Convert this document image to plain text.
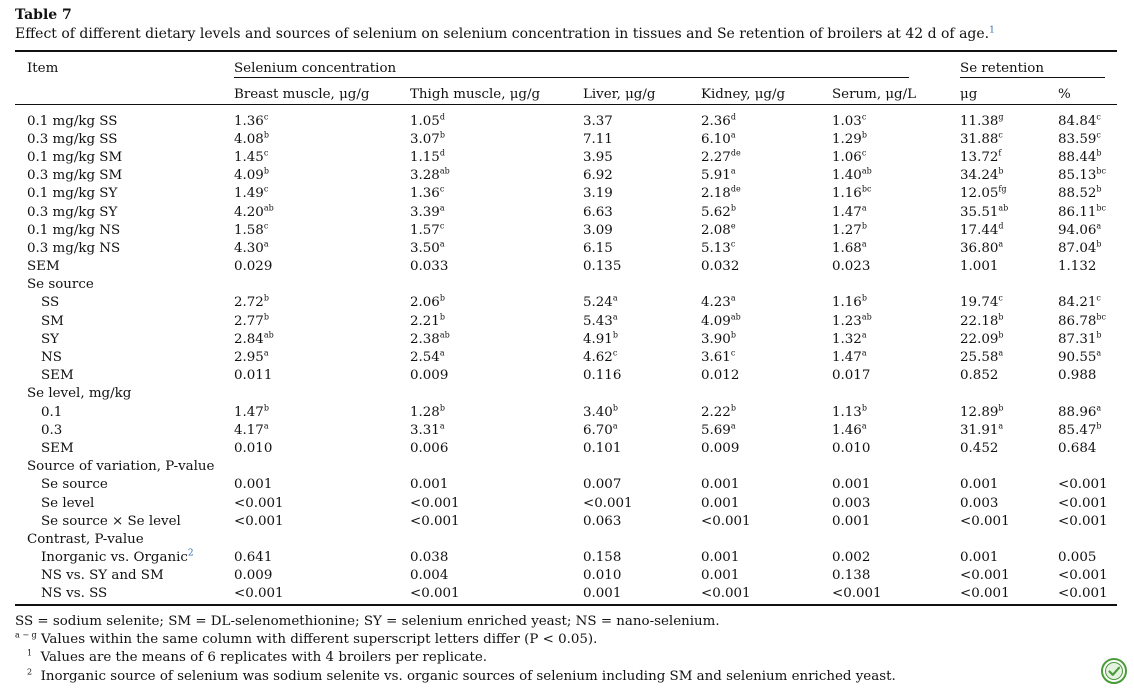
Table 7
Effect of different dietary levels and sources of selenium on selenium concentration in tissues and Se retention of broilers at 42 d of age.$^1$
Item	Selenium concentration					Se retention	
	Breast muscle, μg/g	Thigh muscle, μg/g	Liver, μg/g	Kidney, μg/g	Serum, μg/L	μg	%

0.1 mg/kg SS	1.36$^c$	1.05$^d$	3.37	2.36$^d$	1.03$^c$	11.38$^g$	84.84$^c$
0.3 mg/kg SS	4.08$^b$	3.07$^b$	7.11	6.10$^a$	1.29$^b$	31.88$^c$	83.59$^c$
0.1 mg/kg SM	1.45$^c$	1.15$^d$	3.95	2.27de	1.06$^c$	13.72$^f$	88.44$^b$
0.3 mg/kg SM	4.09$^b$	3.28$^{ab}$	6.92	5.91$^a$	1.40$^{ab}$	34.24$^b$	85.13$^{bc}$
0.1 mg/kg SY	1.49$^c$	1.36$^c$	3.19	2.18de	1.16$^{bc}$	12.05$^{fg}$	88.52$^b$
0.3 mg/kg SY	4.20$^{ab}$	3.39$^a$	6.63	5.62$^b$	1.47$^a$	35.51$^{ab}$	86.11$^{bc}$
0.1 mg/kg NS	1.58$^c$	1.57$^c$	3.09	2.08e	1.27$^b$	17.44$^d$	94.06$^a$
0.3 mg/kg NS	4.30$^a$	3.50$^a$	6.15	5.13$^c$	1.68$^a$	36.80$^a$	87.04$^b$
SEM	0.029	0.033	0.135	0.032	0.023	1.001	1.132
Se source							
SS	2.72$^b$	2.06$^b$	5.24$^a$	4.23$^a$	1.16$^b$	19.74$^c$	84.21$^c$
SM	2.77$^b$	2.21$^b$	5.43$^a$	4.09$^{ab}$	1.23$^{ab}$	22.18$^b$	86.78$^{bc}$
SY	2.84$^{ab}$	2.38$^{ab}$	4.91$^b$	3.90$^b$	1.32$^a$	22.09$^b$	87.31$^b$
NS	2.95$^a$	2.54$^a$	4.62$^c$	3.61$^c$	1.47$^a$	25.58$^a$	90.55$^a$
SEM	0.011	0.009	0.116	0.012	0.017	0.852	0.988
Se level, mg/kg							
0.1	1.47$^b$	1.28$^b$	3.40$^b$	2.22$^b$	1.13$^b$	12.89$^b$	88.96$^a$
0.3	4.17$^a$	3.31$^a$	6.70$^a$	5.69$^a$	1.46$^a$	31.91$^a$	85.47$^b$
SEM	0.010	0.006	0.101	0.009	0.010	0.452	0.684
Source of variation, P-value							
Se source	0.001	0.001	0.007	0.001	0.001	0.001	<0.001
Se level	<0.001	<0.001	<0.001	0.001	0.003	0.003	<0.001
Se source × Se level	<0.001	<0.001	0.063	<0.001	0.001	<0.001	<0.001
Contrast, P-value							
Inorganic vs. Organic$^2$	0.641	0.038	0.158	0.001	0.002	0.001	0.005
NS vs. SY and SM	0.009	0.004	0.010	0.001	0.138	<0.001	<0.001
NS vs. SS	<0.001	<0.001	0.001	<0.001	<0.001	<0.001	<0.001
SS = sodium selenite; SM = DL-selenomethionine; SY = selenium enriched yeast; NS = nano-selenium.
$^{a - g}$ Values within the same column with different superscript letters differ (P < 0.05).
$^1$ Values are the means of 6 replicates with 4 broilers per replicate.
$^2$ Inorganic source of selenium was sodium selenite vs. organic sources of selenium including SM and selenium enriched yeast.
